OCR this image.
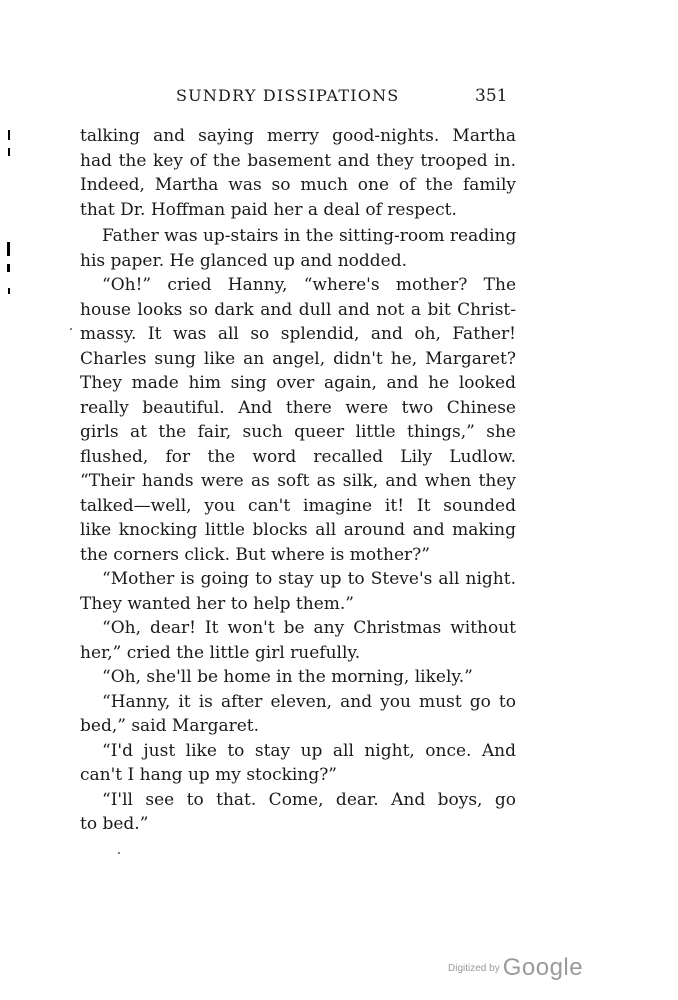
SUNDRY DISSIPATIONS	351
talking and saying merry good-nights. Martha
had the key of the basement and they trooped in.
Indeed, Martha was so much one of the family
that Dr. Hoffman paid her a deal of respect.
Father was up-stairs in the sitting-room reading
his paper. He glanced up and nodded.
“Oh!” cried Hanny, “where's mother? The
house looks so dark and dull and not a bit Christ-
massy. It was all so splendid, and oh, Father!
Charles sung like an angel, didn't he, Margaret?
They made him sing over again, and he looked
really beautiful. And there were two Chinese
girls at the fair, such queer little things,” she
flushed, for the word recalled Lily Ludlow.
“Their hands were as soft as silk, and when they
talked—well, you can't imagine it! It sounded
like knocking little blocks all around and making
the corners click. But where is mother?”
“Mother is going to stay up to Steve's all night.
They wanted her to help them.”
“Oh, dear! It won't be any Christmas without
her,” cried the little girl ruefully.
“Oh, she'll be home in the morning, likely.”
“Hanny, it is after eleven, and you must go to
bed,” said Margaret.
“I'd just like to stay up all night, once. And
can't I hang up my stocking?”
“I'll see to that. Come, dear. And boys, go
to bed.”
Digitized by Google
